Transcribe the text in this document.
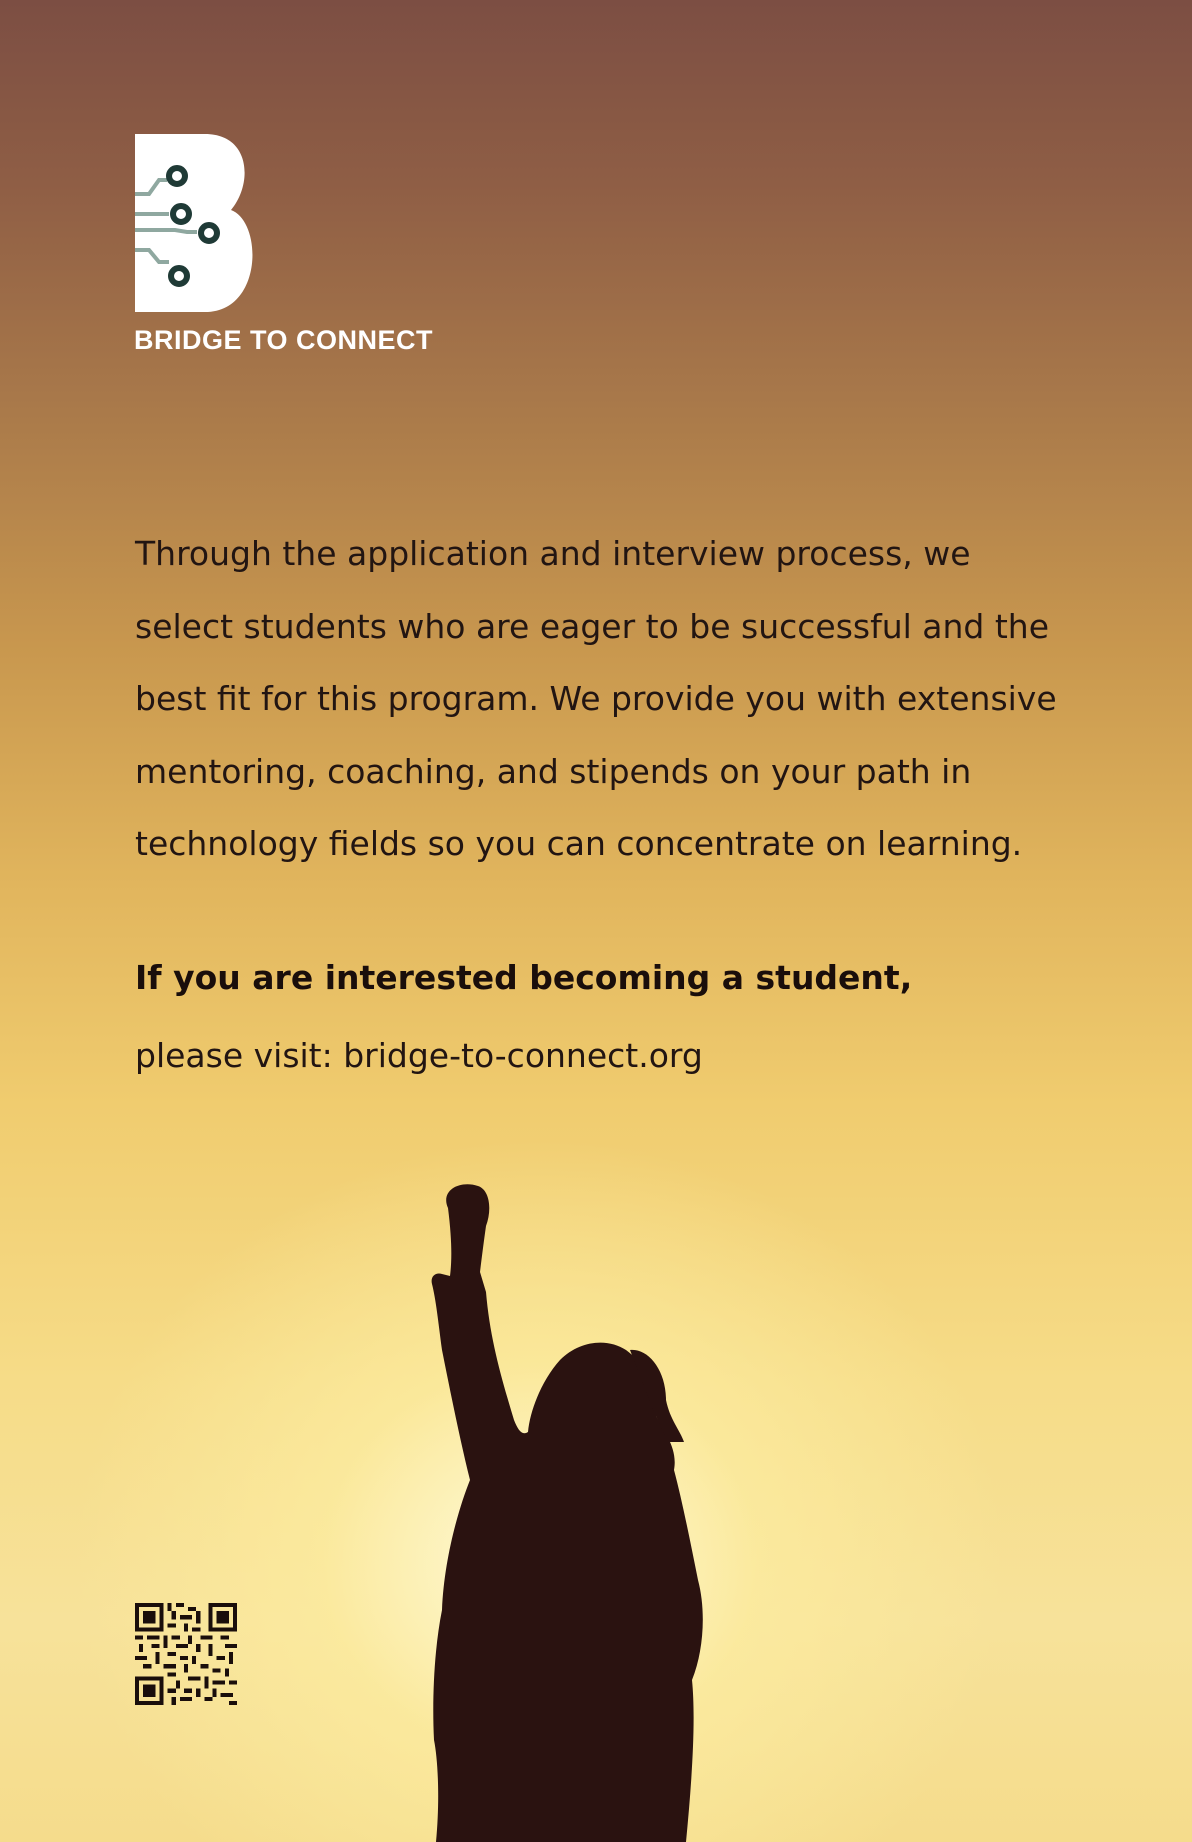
BRIDGE TO CONNECT

Through the application and interview process, we select students who are eager to be successful and the best fit for this program. We provide you with extensive mentoring, coaching, and stipends on your path in technology fields so you can concentrate on learning.

If you are interested becoming a student,

please visit: bridge-to-connect.org
